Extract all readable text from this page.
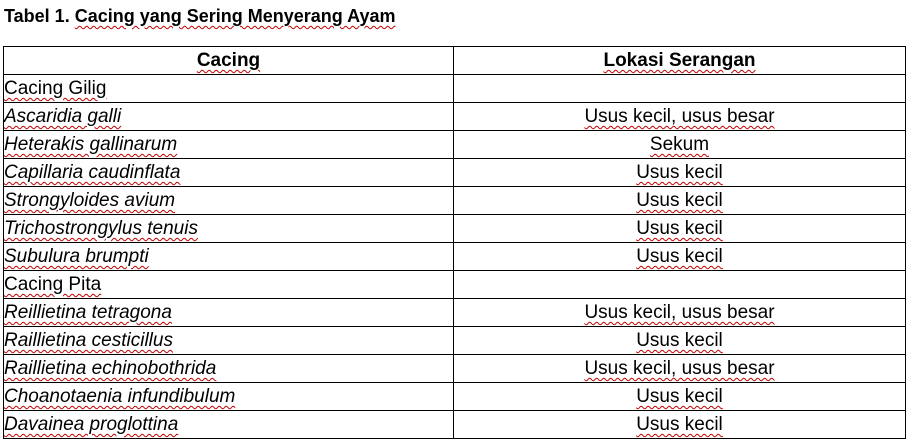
Tabel 1. Cacing yang Sering Menyerang Ayam
Cacing	Lokasi Serangan
Cacing Gilig	
Ascaridia galli	Usus kecil, usus besar
Heterakis gallinarum	Sekum
Capillaria caudinflata	Usus kecil
Strongyloides avium	Usus kecil
Trichostrongylus tenuis	Usus kecil
Subulura brumpti	Usus kecil
Cacing Pita	
Reillietina tetragona	Usus kecil, usus besar
Raillietina cesticillus	Usus kecil
Raillietina echinobothrida	Usus kecil, usus besar
Choanotaenia infundibulum	Usus kecil
Davainea proglottina	Usus kecil
